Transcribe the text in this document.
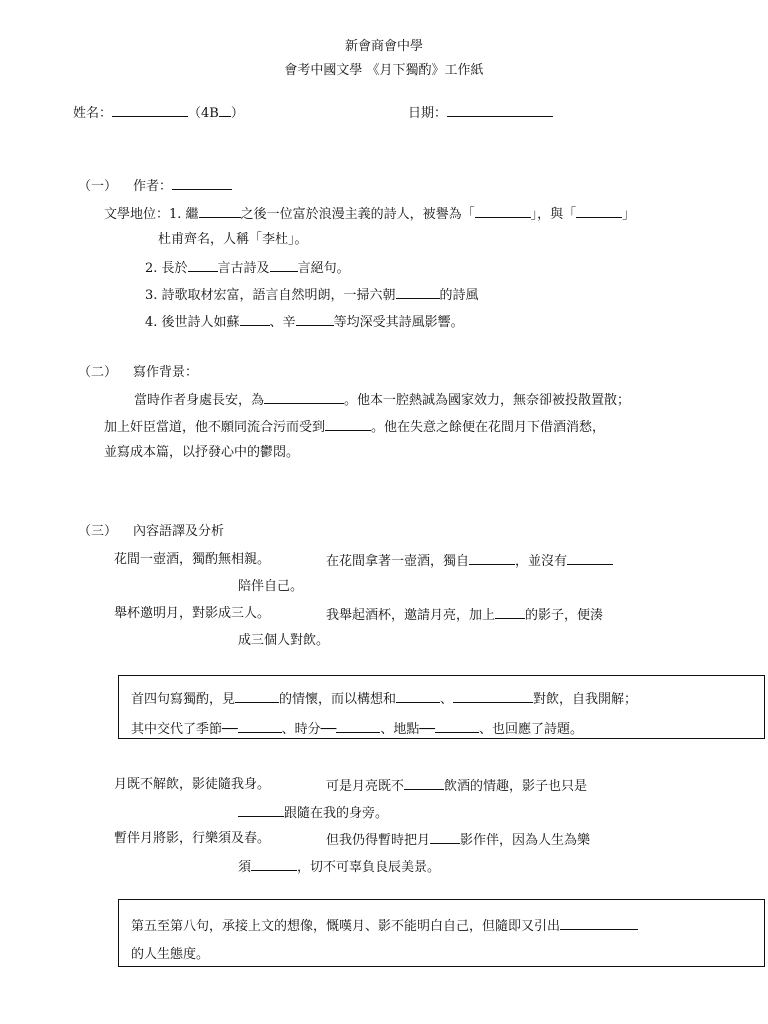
新會商會中學
會考中國文學 《月下獨酌》工作紙
姓名：	（4B ）	日期：
（一） 作者：
文學地位：1. 繼	之後一位富於浪漫主義的詩人，被譽為「	」，與「	」
杜甫齊名，人稱「李杜」。
2. 長於 言古詩及 言絕句。
3. 詩歌取材宏富，語言自然明朗，一掃六朝	的詩風
4. 後世詩人如蘇 、辛	等均深受其詩風影響。
（二） 寫作背景：
當時作者身處長安，為	。他本一腔熱誠為國家效力，無奈卻被投散置散；
加上奸臣當道，他不願同流合污而受到	。他在失意之餘便在花間月下借酒消愁，
並寫成本篇，以抒發心中的鬱悶。
（三） 內容語譯及分析
花間一壺酒，獨酌無相親。	在花間拿著一壺酒，獨自	，並沒有
陪伴自己。
舉杯邀明月，對影成三人。	我舉起酒杯，邀請月亮，加上 的影子，便湊
成三個人對飲。
首四句寫獨酌，見	的情懷，而以構想和	、	對飲，自我開解；
其中交代了季節──	、時分──	、地點──	、也回應了詩題。
月既不解飲，影徒隨我身。	可是月亮既不	飲酒的情趣，影子也只是
跟隨在我的身旁。
暫伴月將影，行樂須及春。	但我仍得暫時把月 影作伴，因為人生為樂
須	，切不可辜負良辰美景。
第五至第八句，承接上文的想像，慨嘆月、影不能明白自己，但隨即又引出
的人生態度。
